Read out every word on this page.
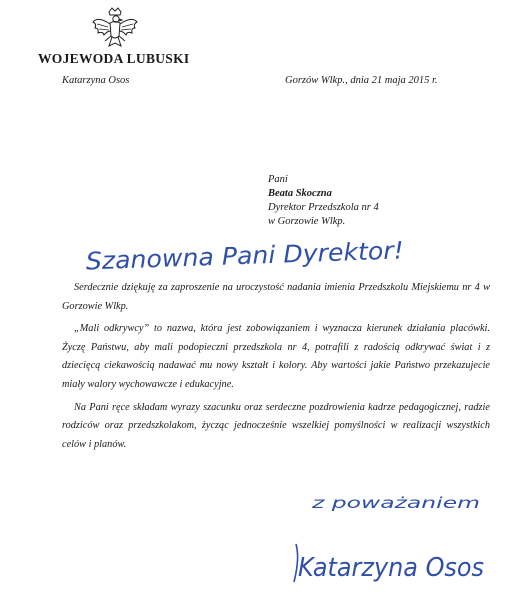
WOJEWODA LUBUSKI
Katarzyna Osos	Gorzów Wlkp., dnia 21 maja 2015 r.
Pani
Beata Skoczna
Dyrektor Przedszkola nr 4
w Gorzowie Wlkp.
Szanowna Pani Dyrektor!

Serdecznie dziękuję za zaproszenie na uroczystość nadania imienia Przedszkolu Miejskiemu nr 4 w Gorzowie Wlkp.

„Mali odkrywcy” to nazwa, która jest zobowiązaniem i wyznacza kierunek działania placówki. Życzę Państwu, aby mali podopieczni przedszkola nr 4, potrafili z radością odkrywać świat i z dziecięcą ciekawością nadawać mu nowy kształt i kolory. Aby wartości jakie Państwo przekazujecie miały walory wychowawcze i edukacyjne.

Na Pani ręce składam wyrazy szacunku oraz serdeczne pozdrowienia kadrze pedagogicznej, radzie rodziców oraz przedszkolakom, życząc jednocześnie wszelkiej pomyślności w realizacji wszystkich celów i planów.

z poważaniem
Katarzyna Osos
